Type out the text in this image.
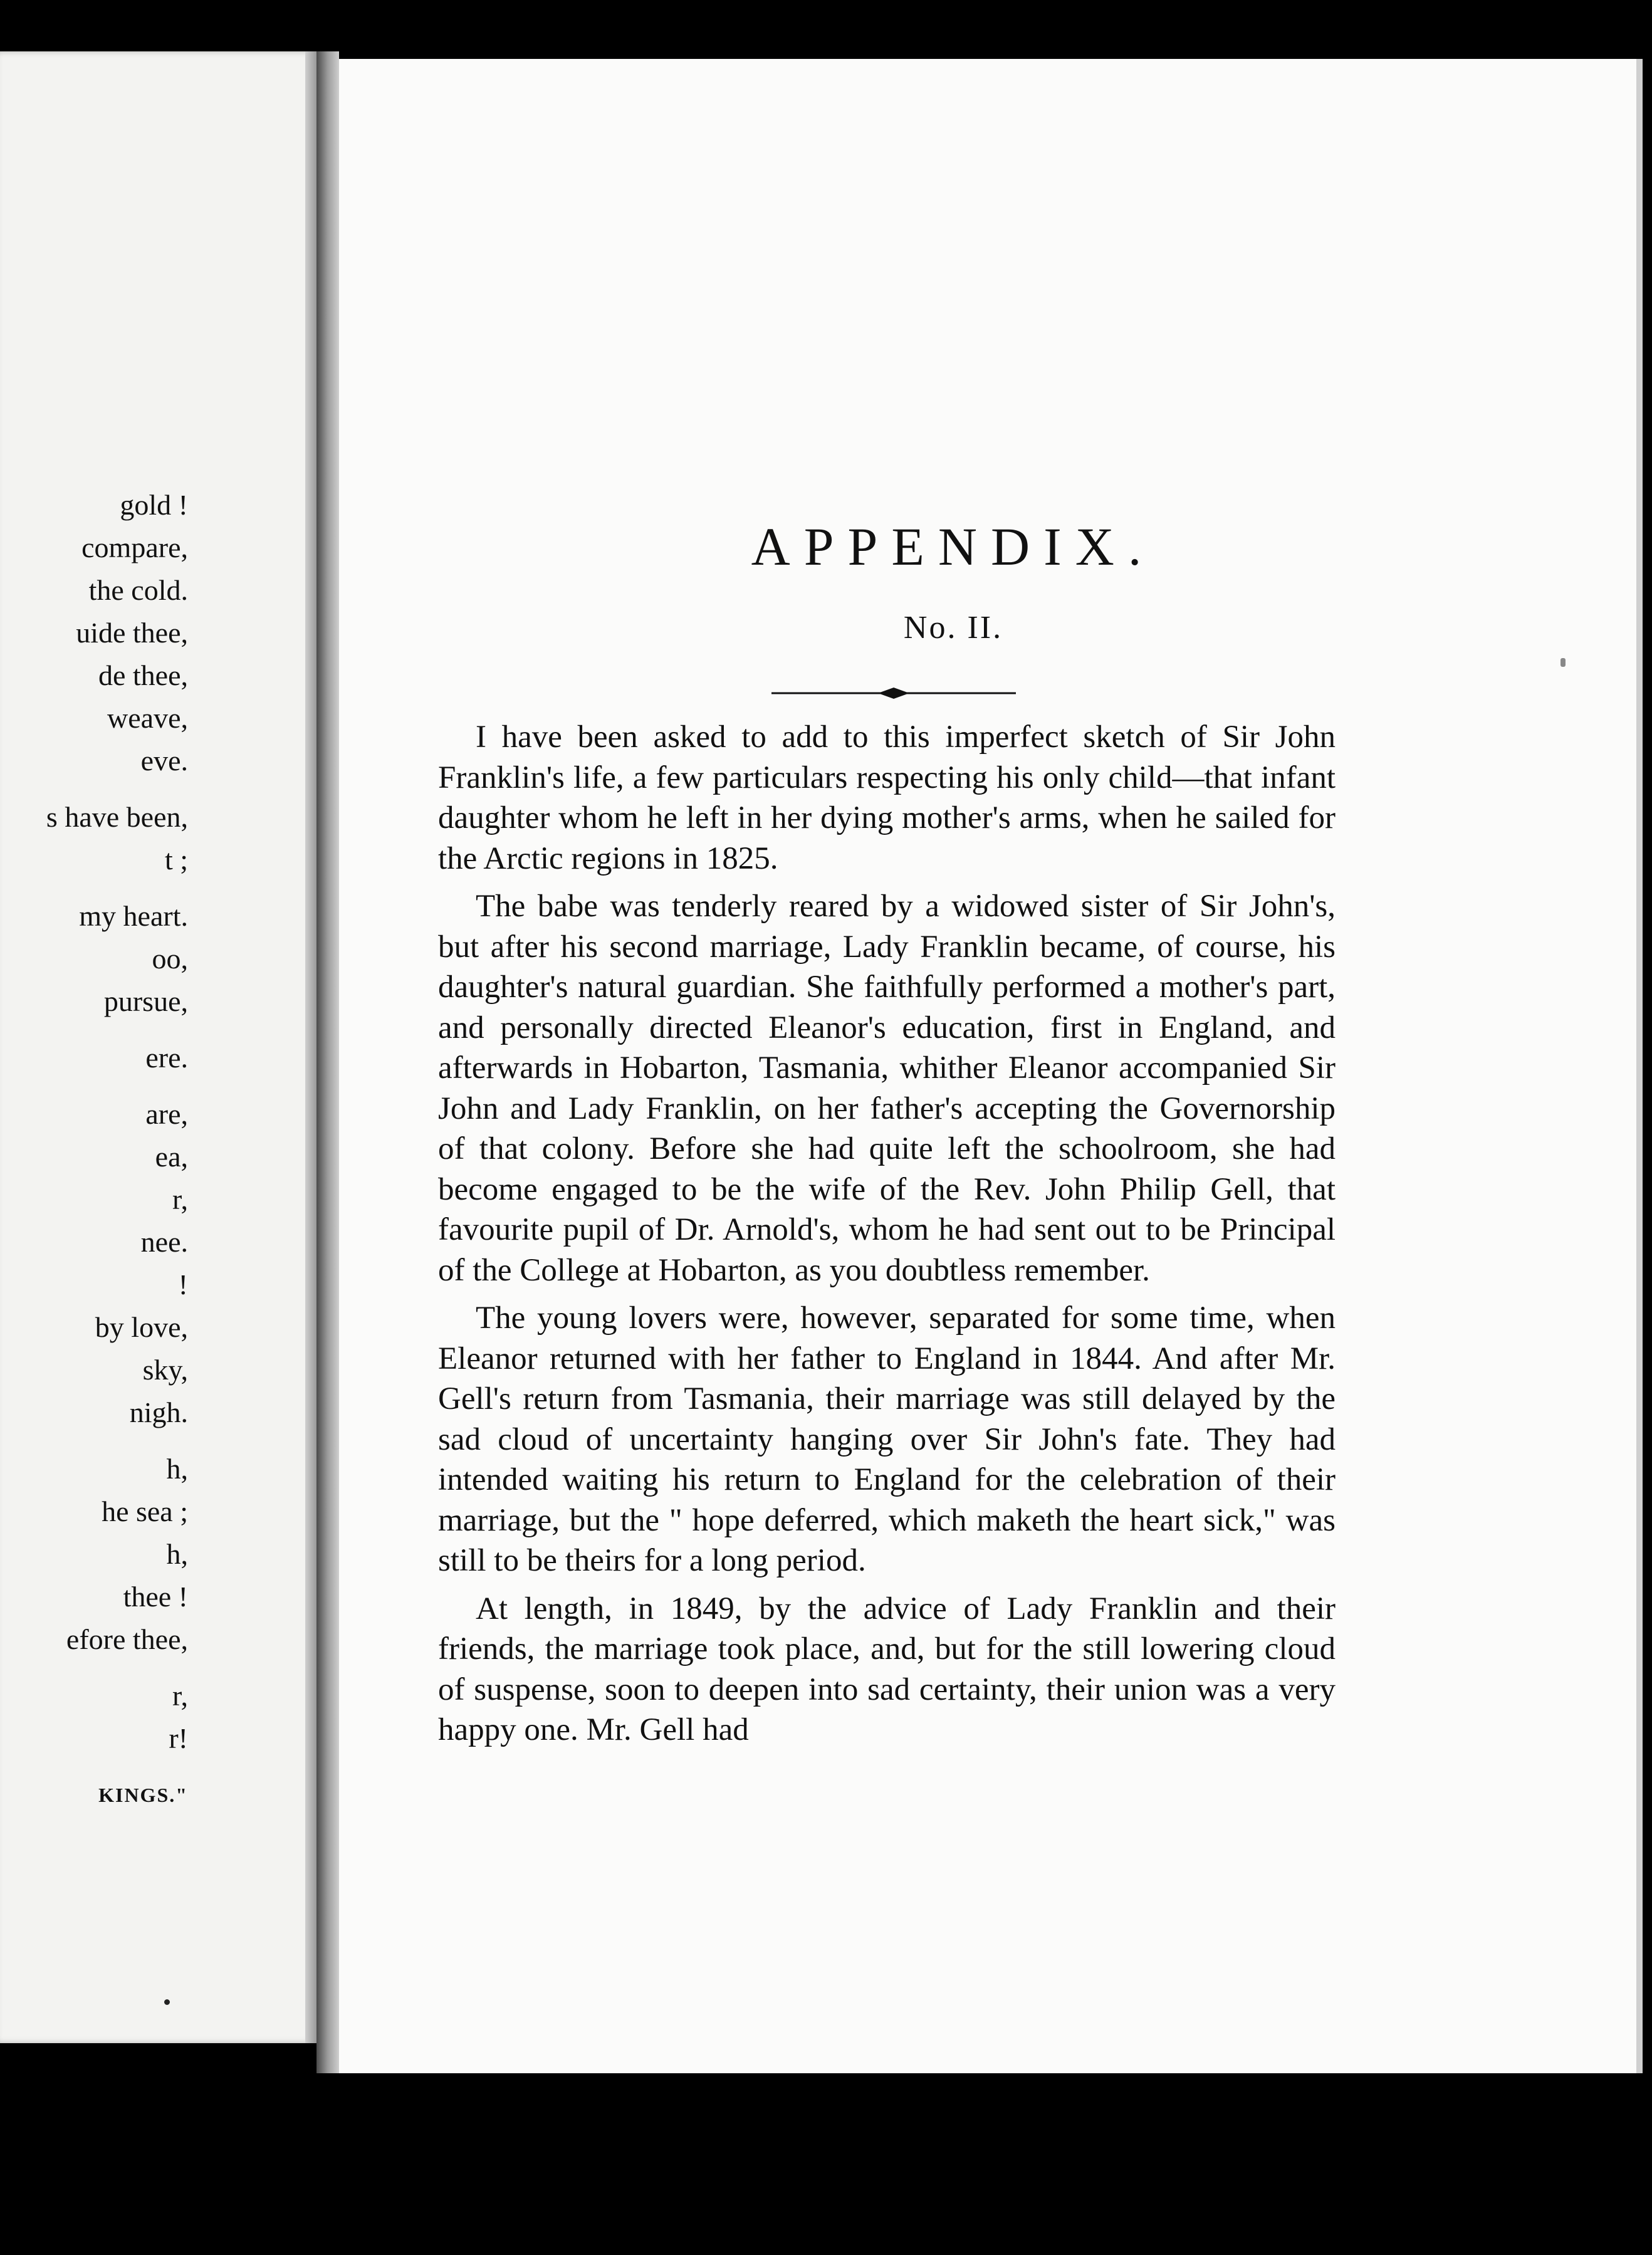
gold !
compare,
the cold.
uide thee,
de thee,
weave,
eve.
s have been,
t ;
my heart.
oo,
pursue,
ere.
are,
ea,
r,
nee.
!
by love,
sky,
nigh.
h,
he sea ;
h,
thee !
efore thee,
r,
r!
KINGS."
APPENDIX.
No. II.

I have been asked to add to this imperfect sketch of Sir John Franklin's life, a few particulars respecting his only child—that infant daughter whom he left in her dying mother's arms, when he sailed for the Arctic regions in 1825.

The babe was tenderly reared by a widowed sister of Sir John's, but after his second marriage, Lady Franklin became, of course, his daughter's natural guardian. She faithfully performed a mother's part, and personally directed Eleanor's education, first in England, and afterwards in Hobarton, Tasmania, whither Eleanor accompanied Sir John and Lady Franklin, on her father's accepting the Governorship of that colony. Before she had quite left the schoolroom, she had become engaged to be the wife of the Rev. John Philip Gell, that favourite pupil of Dr. Arnold's, whom he had sent out to be Principal of the College at Hobarton, as you doubtless remember.

The young lovers were, however, separated for some time, when Eleanor returned with her father to England in 1844. And after Mr. Gell's return from Tasmania, their marriage was still delayed by the sad cloud of uncertainty hanging over Sir John's fate. They had intended waiting his return to England for the celebration of their marriage, but the " hope deferred, which maketh the heart sick," was still to be theirs for a long period.

At length, in 1849, by the advice of Lady Franklin and their friends, the marriage took place, and, but for the still lowering cloud of suspense, soon to deepen into sad certainty, their union was a very happy one. Mr. Gell had
